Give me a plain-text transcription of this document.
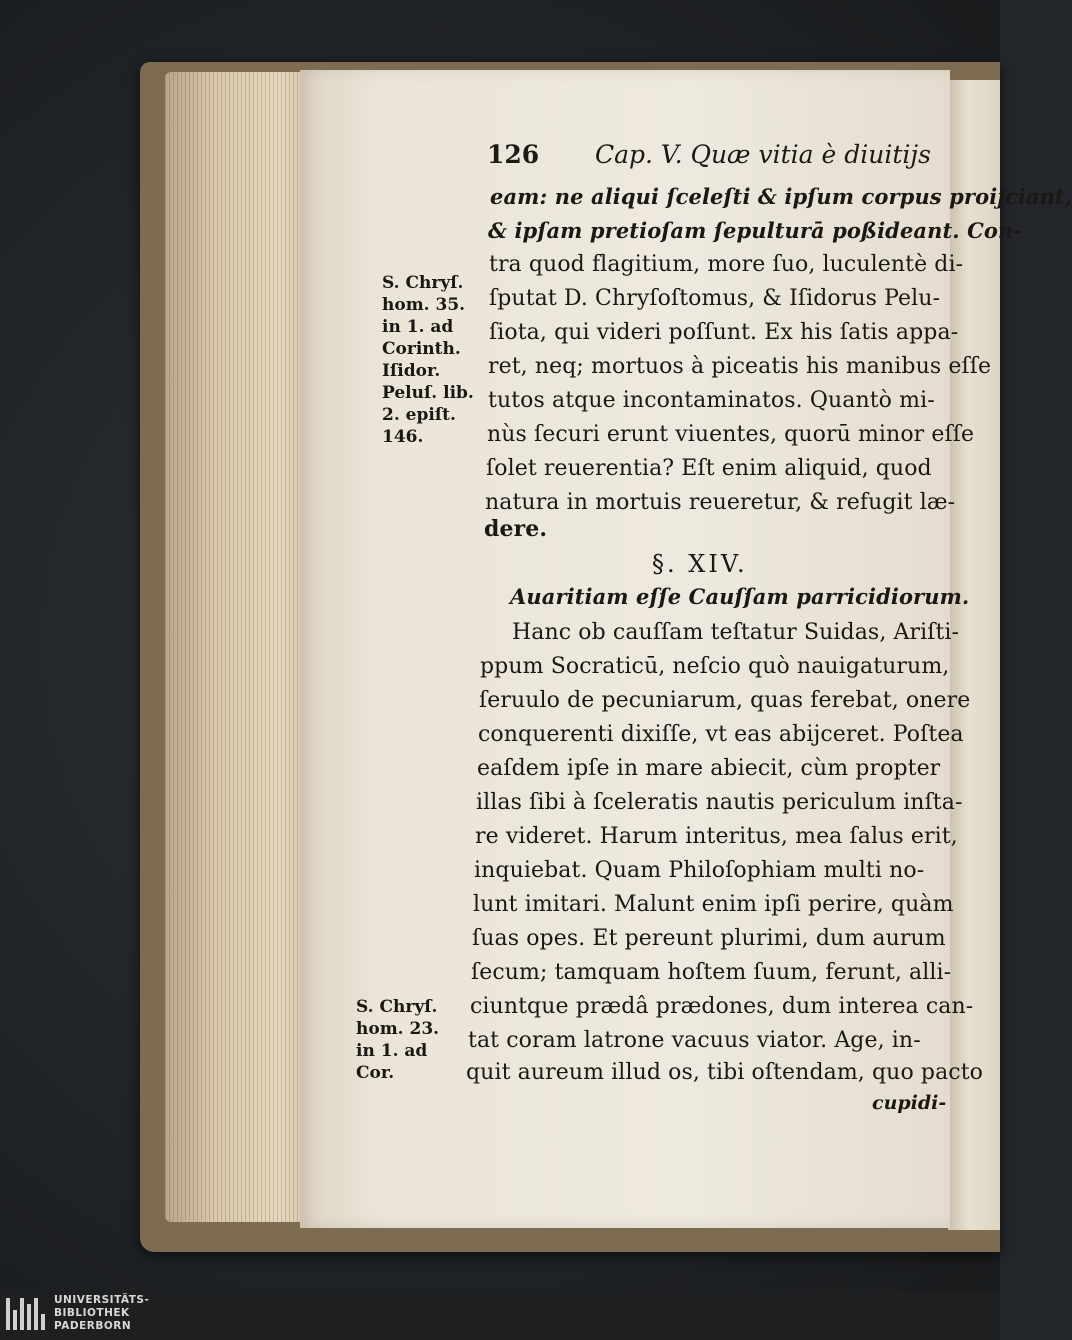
126 Cap. V. Quæ vitia è diuitijs
eam: ne aliqui ſceleſti & ipſum corpus proijciant,
& ipſam pretioſam ſepulturā poßideant. Con-
tra quod flagitium, more ſuo, luculentè di-
ſputat D. Chryſoſtomus, & Iſidorus Pelu-
ſiota, qui videri poſſunt. Ex his ſatis appa-
ret, neq; mortuos à piceatis his manibus eſſe
tutos atque incontaminatos. Quantò mi-
nùs ſecuri erunt viuentes, quorū minor eſſe
ſolet reuerentia? Eſt enim aliquid, quod
natura in mortuis reueretur, & refugit læ-
dere.
§. XIV.
Auaritiam eſſe Cauſſam parricidiorum.
Hanc ob cauſſam teſtatur Suidas, Ariſti-
ppum Socraticū, neſcio quò nauigaturum,
ſeruulo de pecuniarum, quas ferebat, onere
conquerenti dixiſſe, vt eas abijceret. Poſtea
eaſdem ipſe in mare abiecit, cùm propter
illas ſibi à ſceleratis nautis periculum inſta-
re videret. Harum interitus, mea ſalus erit,
inquiebat. Quam Philoſophiam multi no-
lunt imitari. Malunt enim ipſi perire, quàm
ſuas opes. Et pereunt plurimi, dum aurum
ſecum; tamquam hoſtem ſuum, ferunt, alli-
ciuntque prædâ prædones, dum interea can-
tat coram latrone vacuus viator. Age, in-
quit aureum illud os, tibi oſtendam, quo pacto
cupidi-
S. Chryſ.
hom. 35.
in 1. ad
Corinth.
Iſidor.
Peluſ. lib.
2. epiſt.
146.
S. Chryſ.
hom. 23.
in 1. ad
Cor.
UNIVERSITÄTS-
BIBLIOTHEK
PADERBORN
